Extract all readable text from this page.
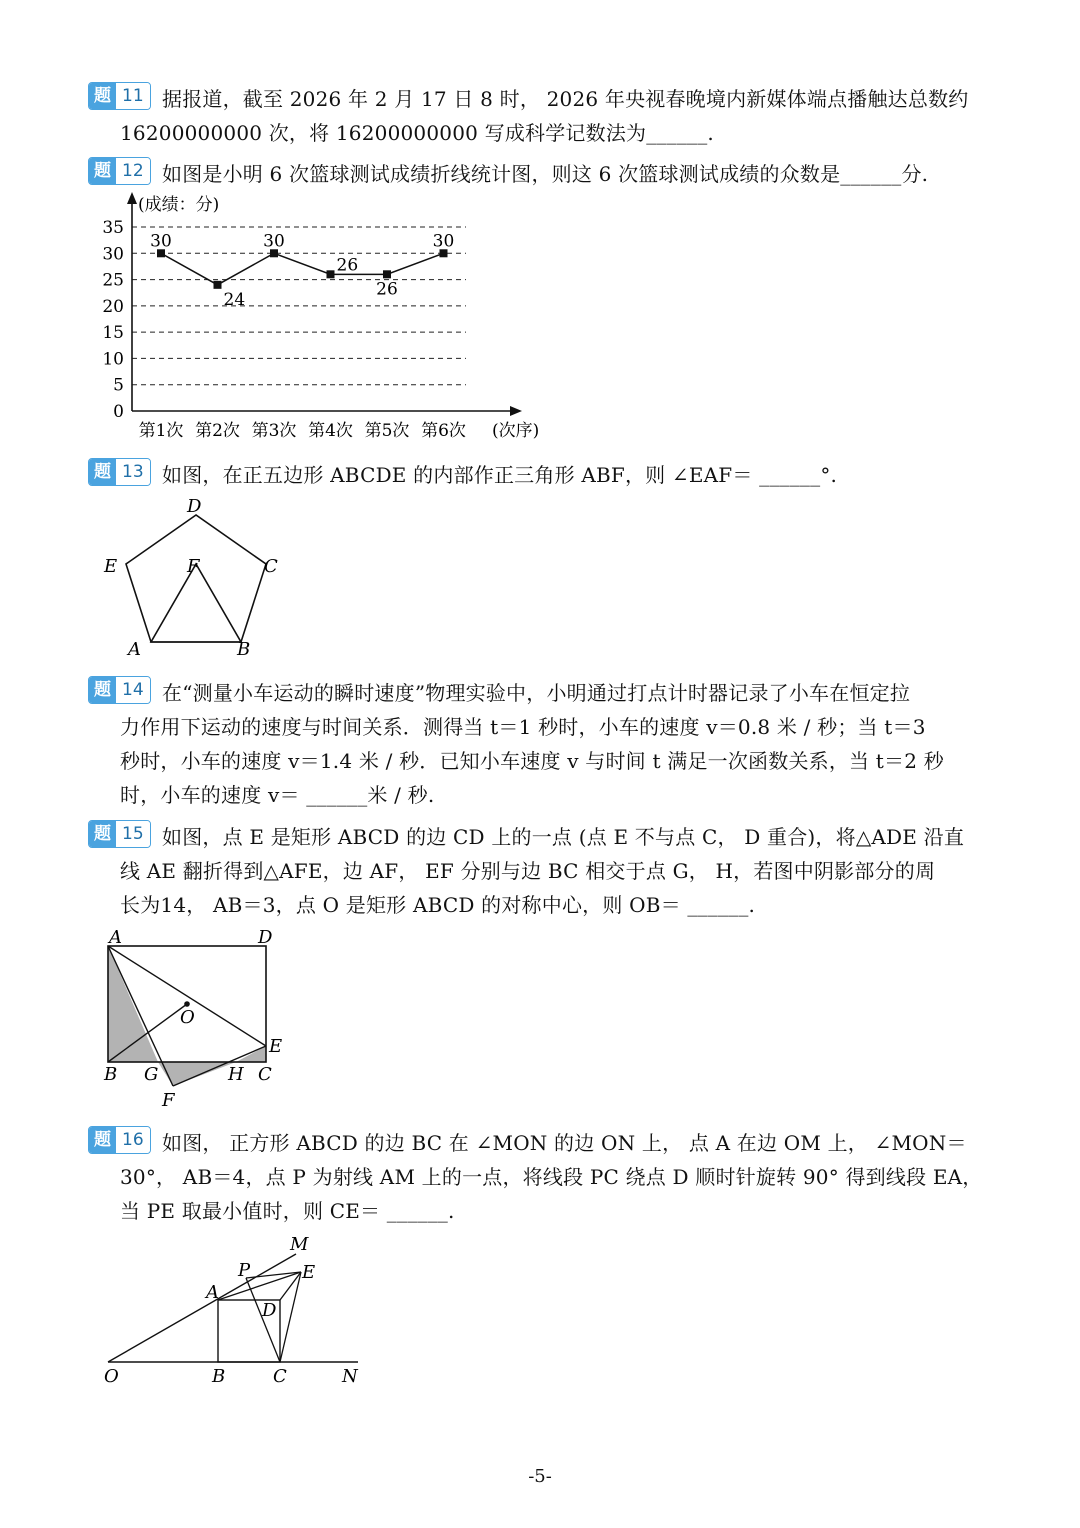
题 11 据报道，截至 2026 年 2 月 17 日 8 时， 2026 年央视春晚境内新媒体端点播触达总数约
16200000000 次，将 16200000000 写成科学记数法为______.
题 12 如图是小明 6 次篮球测试成绩折线统计图，则这 6 次篮球测试成绩的众数是______分.
0
5
10
15
20
25
30
35
(成绩：分)
(次序)
第1次 第2次 第3次 第4次 第5次 第6次
30
24
30
26
26
30
题 13 如图，在正五边形 ABCDE 的内部作正三角形 ABF，则 ∠EAF＝ ______°.
D
E	F	C
A	B
题 14 在“测量小车运动的瞬时速度”物理实验中，小明通过打点计时器记录了小车在恒定拉
力作用下运动的速度与时间关系．测得当 t＝1 秒时，小车的速度 v＝0.8 米 / 秒；当 t＝3
秒时，小车的速度 v＝1.4 米 / 秒．已知小车速度 v 与时间 t 满足一次函数关系，当 t＝2 秒
时，小车的速度 v＝ ______米 / 秒.
题 15 如图，点 E 是矩形 ABCD 的边 CD 上的一点 (点 E 不与点 C， D 重合)，将△ADE 沿直
线 AE 翻折得到△AFE，边 AF， EF 分别与边 BC 相交于点 G， H，若图中阴影部分的周
长为14， AB＝3，点 O 是矩形 ABCD 的对称中心，则 OB＝ ______.
A	D
O
E
B G	H C
F
题 16 如图， 正方形 ABCD 的边 BC 在 ∠MON 的边 ON 上， 点 A 在边 OM 上， ∠MON＝
30°， AB＝4，点 P 为射线 AM 上的一点，将线段 PC 绕点 D 顺时针旋转 90° 得到线段 EA，
当 PE 取最小值时，则 CE＝ ______.
M
P	E
A
D
O	B	C	N
-5-
